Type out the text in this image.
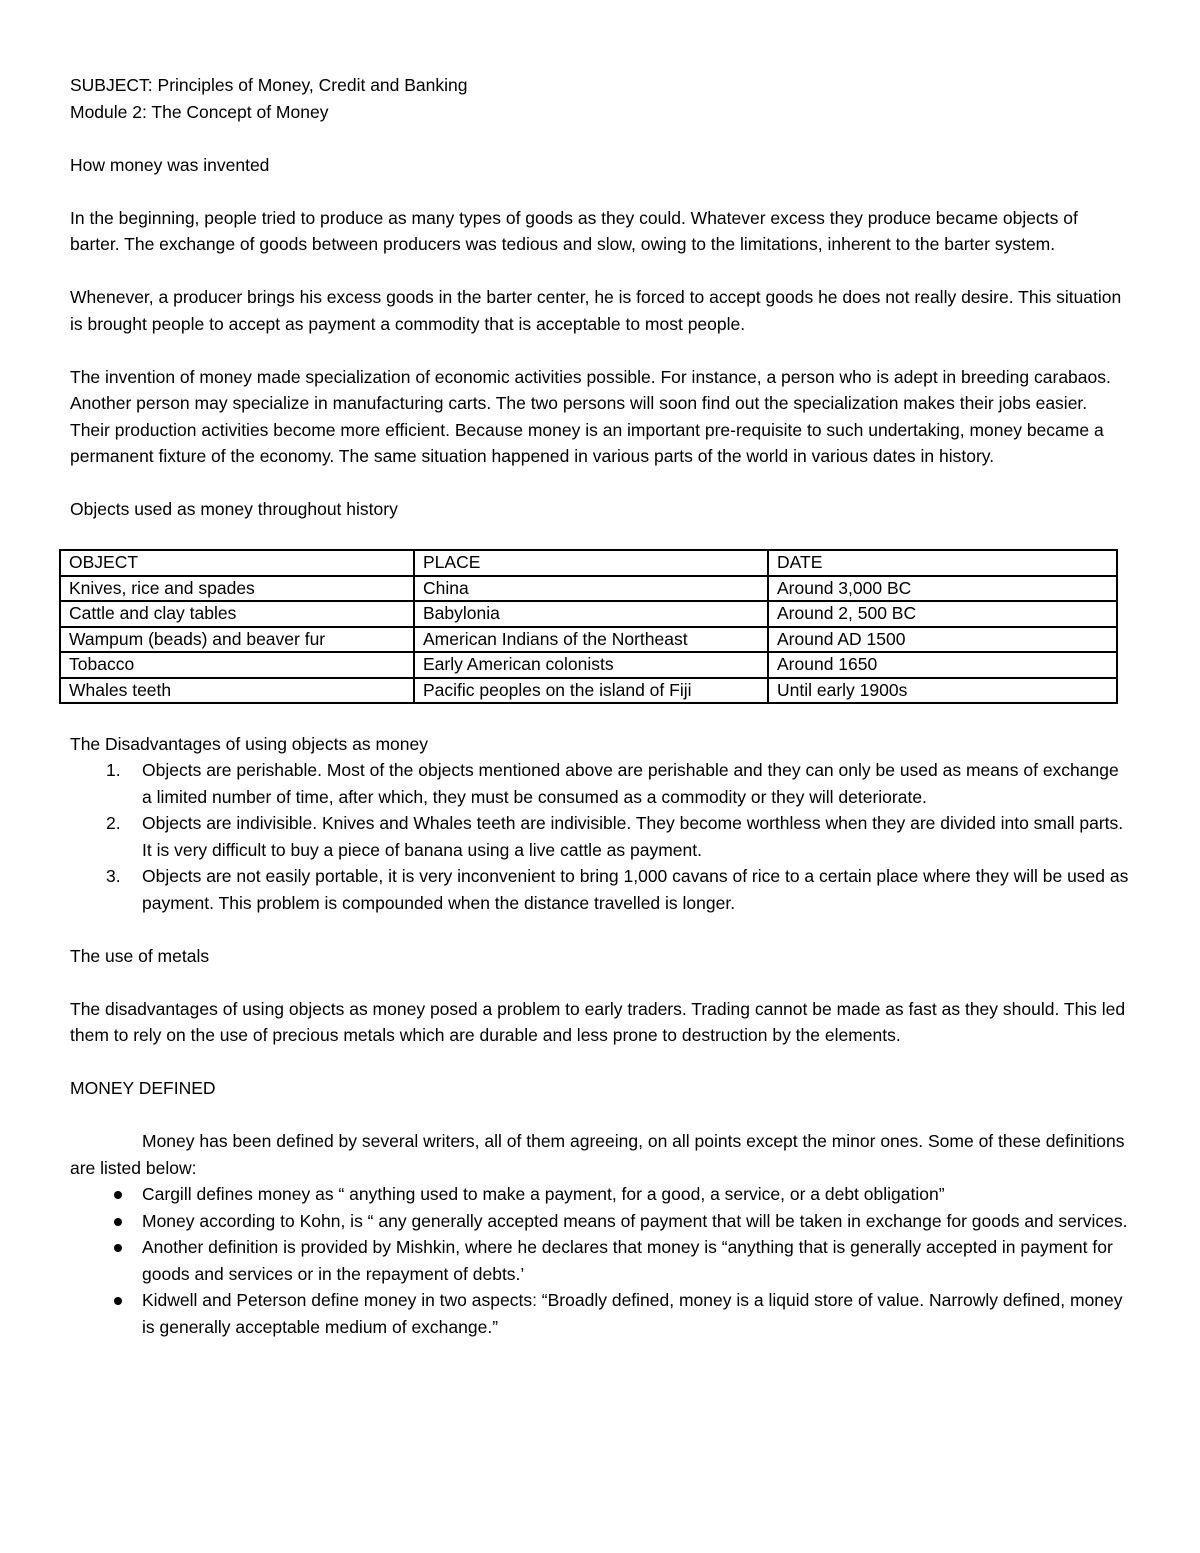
SUBJECT: Principles of Money, Credit and Banking

Module 2: The Concept of Money

How money was invented

In the beginning, people tried to produce as many types of goods as they could. Whatever excess they produce became objects of barter. The exchange of goods between producers was tedious and slow, owing to the limitations, inherent to the barter system.

Whenever, a producer brings his excess goods in the barter center, he is forced to accept goods he does not really desire. This situation is brought people to accept as payment a commodity that is acceptable to most people.

The invention of money made specialization of economic activities possible. For instance, a person who is adept in breeding carabaos. Another person may specialize in manufacturing carts. The two persons will soon find out the specialization makes their jobs easier. Their production activities become more efficient. Because money is an important pre-requisite to such undertaking, money became a permanent fixture of the economy. The same situation happened in various parts of the world in various dates in history.

Objects used as money throughout history

OBJECT	PLACE	DATE
Knives, rice and spades	China	Around 3,000 BC
Cattle and clay tables	Babylonia	Around 2, 500 BC
Wampum (beads) and beaver fur	American Indians of the Northeast	Around AD 1500
Tobacco	Early American colonists	Around 1650
Whales teeth	Pacific peoples on the island of Fiji	Until early 1900s

The Disadvantages of using objects as money

1. Objects are perishable. Most of the objects mentioned above are perishable and they can only be used as means of exchange a limited number of time, after which, they must be consumed as a commodity or they will deteriorate.
2. Objects are indivisible. Knives and Whales teeth are indivisible. They become worthless when they are divided into small parts. It is very difficult to buy a piece of banana using a live cattle as payment.
3. Objects are not easily portable, it is very inconvenient to bring 1,000 cavans of rice to a certain place where they will be used as payment. This problem is compounded when the distance travelled is longer.

The use of metals

The disadvantages of using objects as money posed a problem to early traders. Trading cannot be made as fast as they should. This led them to rely on the use of precious metals which are durable and less prone to destruction by the elements.

MONEY DEFINED

Money has been defined by several writers, all of them agreeing, on all points except the minor ones. Some of these definitions are listed below:

Cargill defines money as “ anything used to make a payment, for a good, a service, or a debt obligation”
Money according to Kohn, is “ any generally accepted means of payment that will be taken in exchange for goods and services.
Another definition is provided by Mishkin, where he declares that money is “anything that is generally accepted in payment for goods and services or in the repayment of debts.’
Kidwell and Peterson define money in two aspects: “Broadly defined, money is a liquid store of value. Narrowly defined, money is generally acceptable medium of exchange.”
